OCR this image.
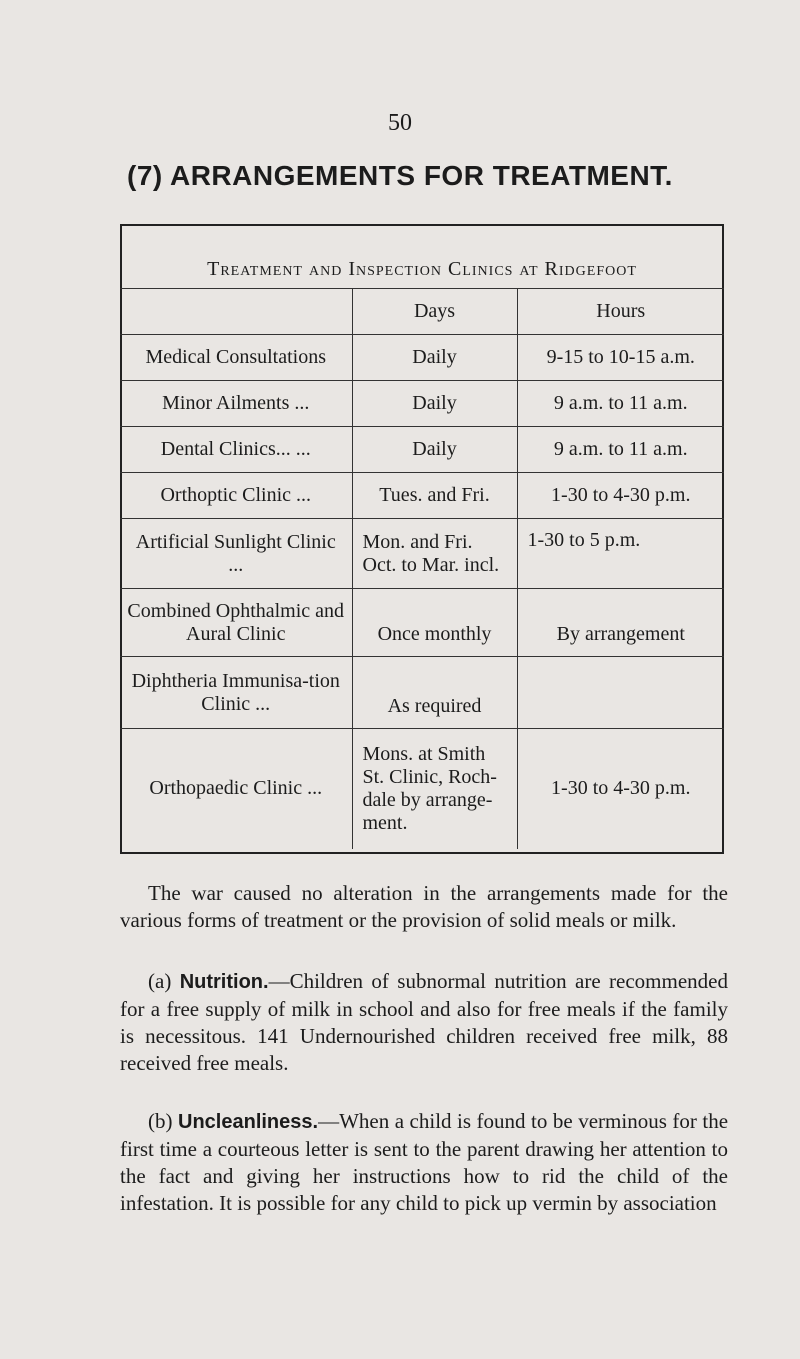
50
(7) ARRANGEMENTS FOR TREATMENT.
Treatment and Inspection Clinics at Ridgefoot
	Days	Hours
Medical Consultations	Daily	9-15 to 10-15 a.m.
Minor Ailments ...	Daily	9 a.m. to 11 a.m.
Dental Clinics... ...	Daily	9 a.m. to 11 a.m.
Orthoptic Clinic ...	Tues. and Fri.	1-30 to 4-30 p.m.
Artificial Sunlight Clinic ...	Mon. and Fri. Oct. to Mar. incl.	1-30 to 5 p.m.
Combined Ophthalmic and Aural Clinic	Once monthly	By arrangement
Diphtheria Immunisa-tion Clinic ...	As required	
Orthopaedic Clinic ...	Mons. at Smith St. Clinic, Roch-dale by arrange-ment.	1-30 to 4-30 p.m.
The war caused no alteration in the arrangements made for the various forms of treatment or the provision of solid meals or milk.
(a) Nutrition.—Children of subnormal nutrition are recommended for a free supply of milk in school and also for free meals if the family is necessitous. 141 Undernourished children received free milk, 88 received free meals.
(b) Uncleanliness.—When a child is found to be verminous for the first time a courteous letter is sent to the parent drawing her attention to the fact and giving her instructions how to rid the child of the infestation. It is possible for any child to pick up vermin by association
